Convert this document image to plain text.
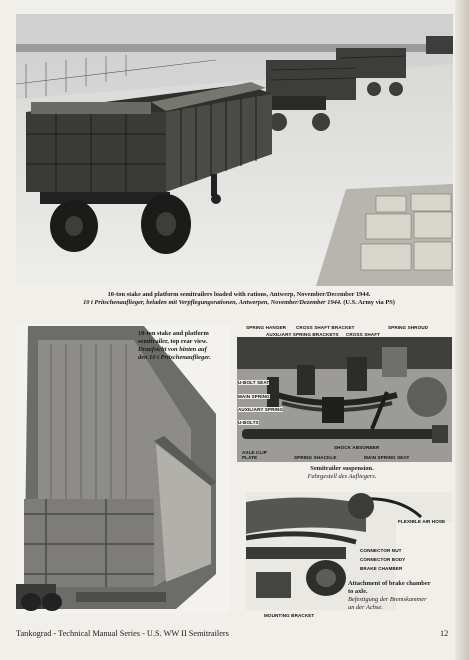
10-ton stake and platform semitrailers loaded with rations, Antwerp, November/December 1944.
10 t Pritschenauflieger, beladen mit Verpflegungsrationen, Antwerpen, November/Dezember 1944. (U.S. Army via PS)
10-ton stake and platform
semitrailer, top rear view.
Draufsicht von hinten auf
den 10 t Pritschenauflieger.
SPRING HANGER CROSS SHAFT BRACKET	SPRING SHROUD
AUXILIARY SPRING BRACKETS CROSS SHAFT
U-BOLT SEAT
MAIN SPRING
AUXILIARY SPRING
U-BOLTS
SHOCK ABSORBER
AXLE CLIP
PLATE	SPRING SHACKLE	MAIN SPRING SEAT
Semitrailer suspension.
Fahrgestell des Aufliegers.
FLEXIBLE AIR HOSE
CONNECTOR NUT
CONNECTOR BODY
BRAKE CHAMBER
MOUNTING BRACKET
Attachment of brake chamber
to axle.
Befestigung der Bremskammer
an der Achse.
Tankograd - Technical Manual Series - U.S. WW II Semitrailers	12
